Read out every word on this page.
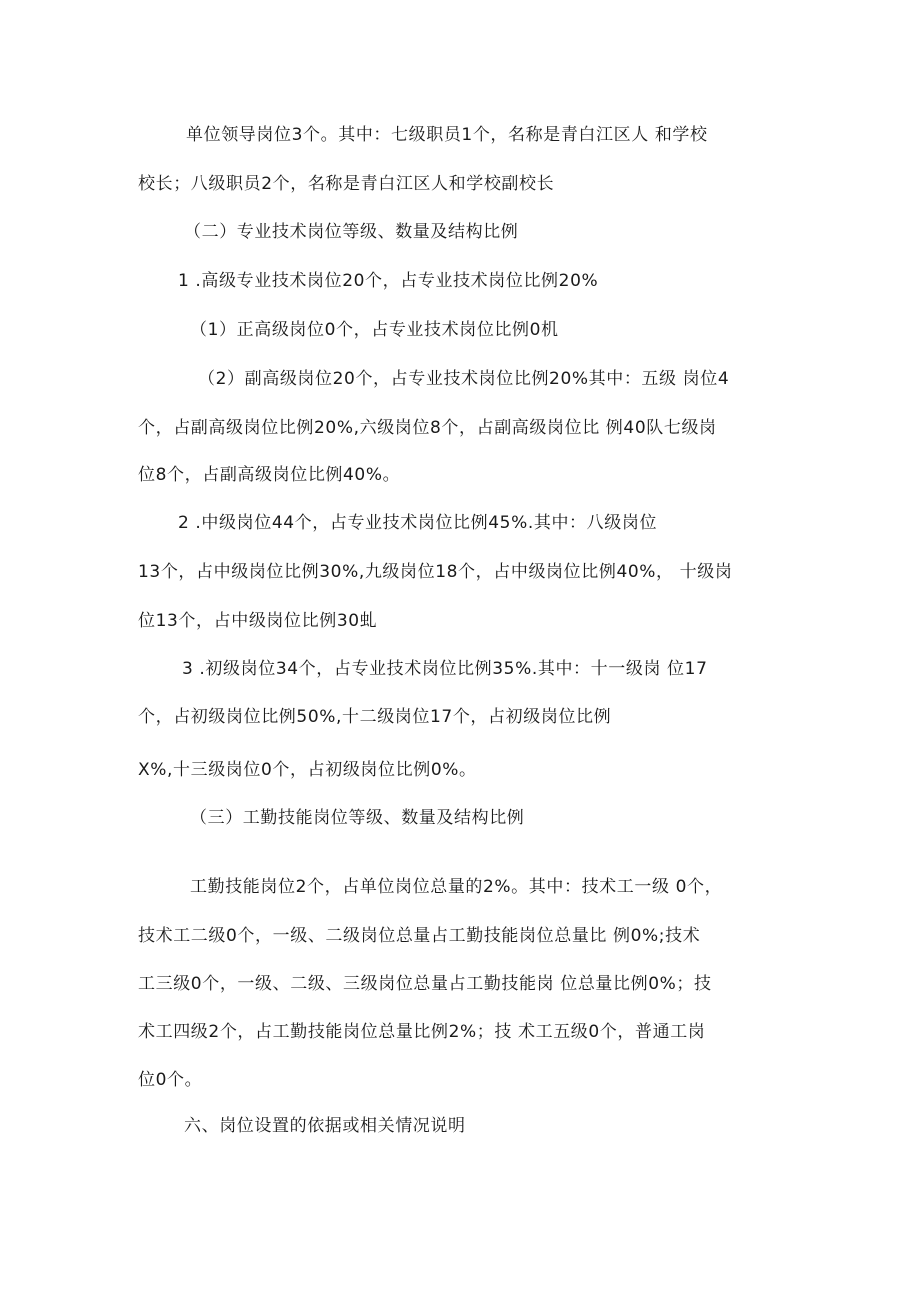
单位领导岗位3个。其中：七级职员1个，名称是青白江区人 和学校
校长；八级职员2个，名称是青白江区人和学校副校长
（二）专业技术岗位等级、数量及结构比例
1 .高级专业技术岗位20个，占专业技术岗位比例20%
（1）正高级岗位0个，占专业技术岗位比例0机
（2）副高级岗位20个，占专业技术岗位比例20%其中：五级 岗位4
个，占副高级岗位比例20%,六级岗位8个，占副高级岗位比 例40队七级岗
位8个，占副高级岗位比例40%。
2 .中级岗位44个，占专业技术岗位比例45%.其中：八级岗位
13个，占中级岗位比例30%,九级岗位18个，占中级岗位比例40%， 十级岗
位13个，占中级岗位比例30虬
3 .初级岗位34个，占专业技术岗位比例35%.其中：十一级岗 位17
个，占初级岗位比例50%,十二级岗位17个，占初级岗位比例
X%,十三级岗位0个，占初级岗位比例0%。
（三）工勤技能岗位等级、数量及结构比例
工勤技能岗位2个，占单位岗位总量的2%。其中：技术工一级 0个，
技术工二级0个，一级、二级岗位总量占工勤技能岗位总量比 例0%;技术
工三级0个，一级、二级、三级岗位总量占工勤技能岗 位总量比例0%；技
术工四级2个，占工勤技能岗位总量比例2%；技 术工五级0个，普通工岗
位0个。
六、岗位设置的依据或相关情况说明
